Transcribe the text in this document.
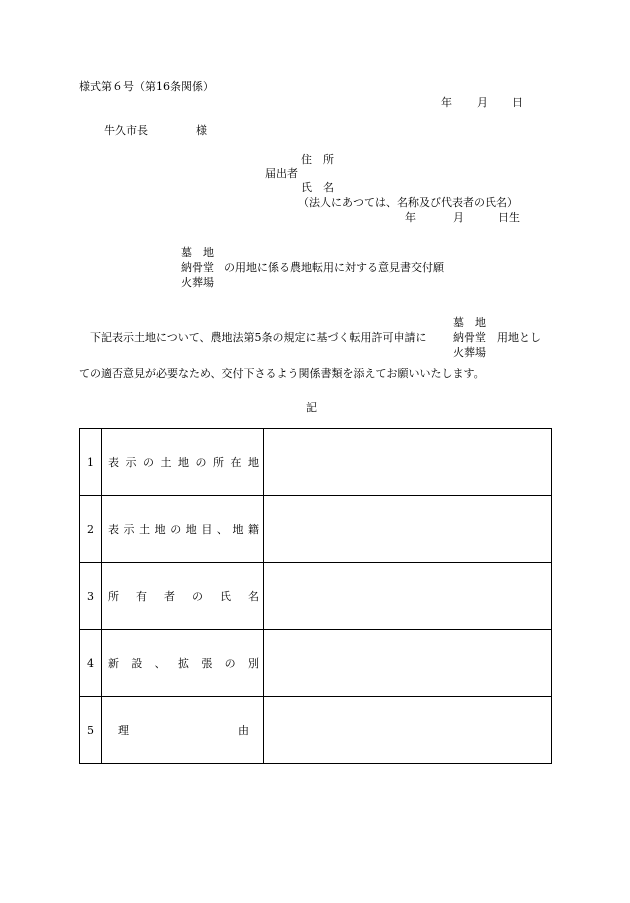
様式第６号（第16条関係）
年 月 日
牛久市長	様
住　所
届出者
氏　名
（法人にあつては、名称及び代表者の氏名）
年	月	日生
墓　地
納骨堂 の用地に係る農地転用に対する意見書交付願
火葬場
墓　地
下記表示土地について、農地法第5条の規定に基づく転用許可申請に 納骨堂 用地とし
火葬場
ての適否意見が必要なため、交付下さるよう関係書類を添えてお願いいたします。
記
1	表示の土地の所在地	
2	表示土地の地目、地籍	
3	所有者の氏名	
4	新設、拡張の別	
5	理由	
